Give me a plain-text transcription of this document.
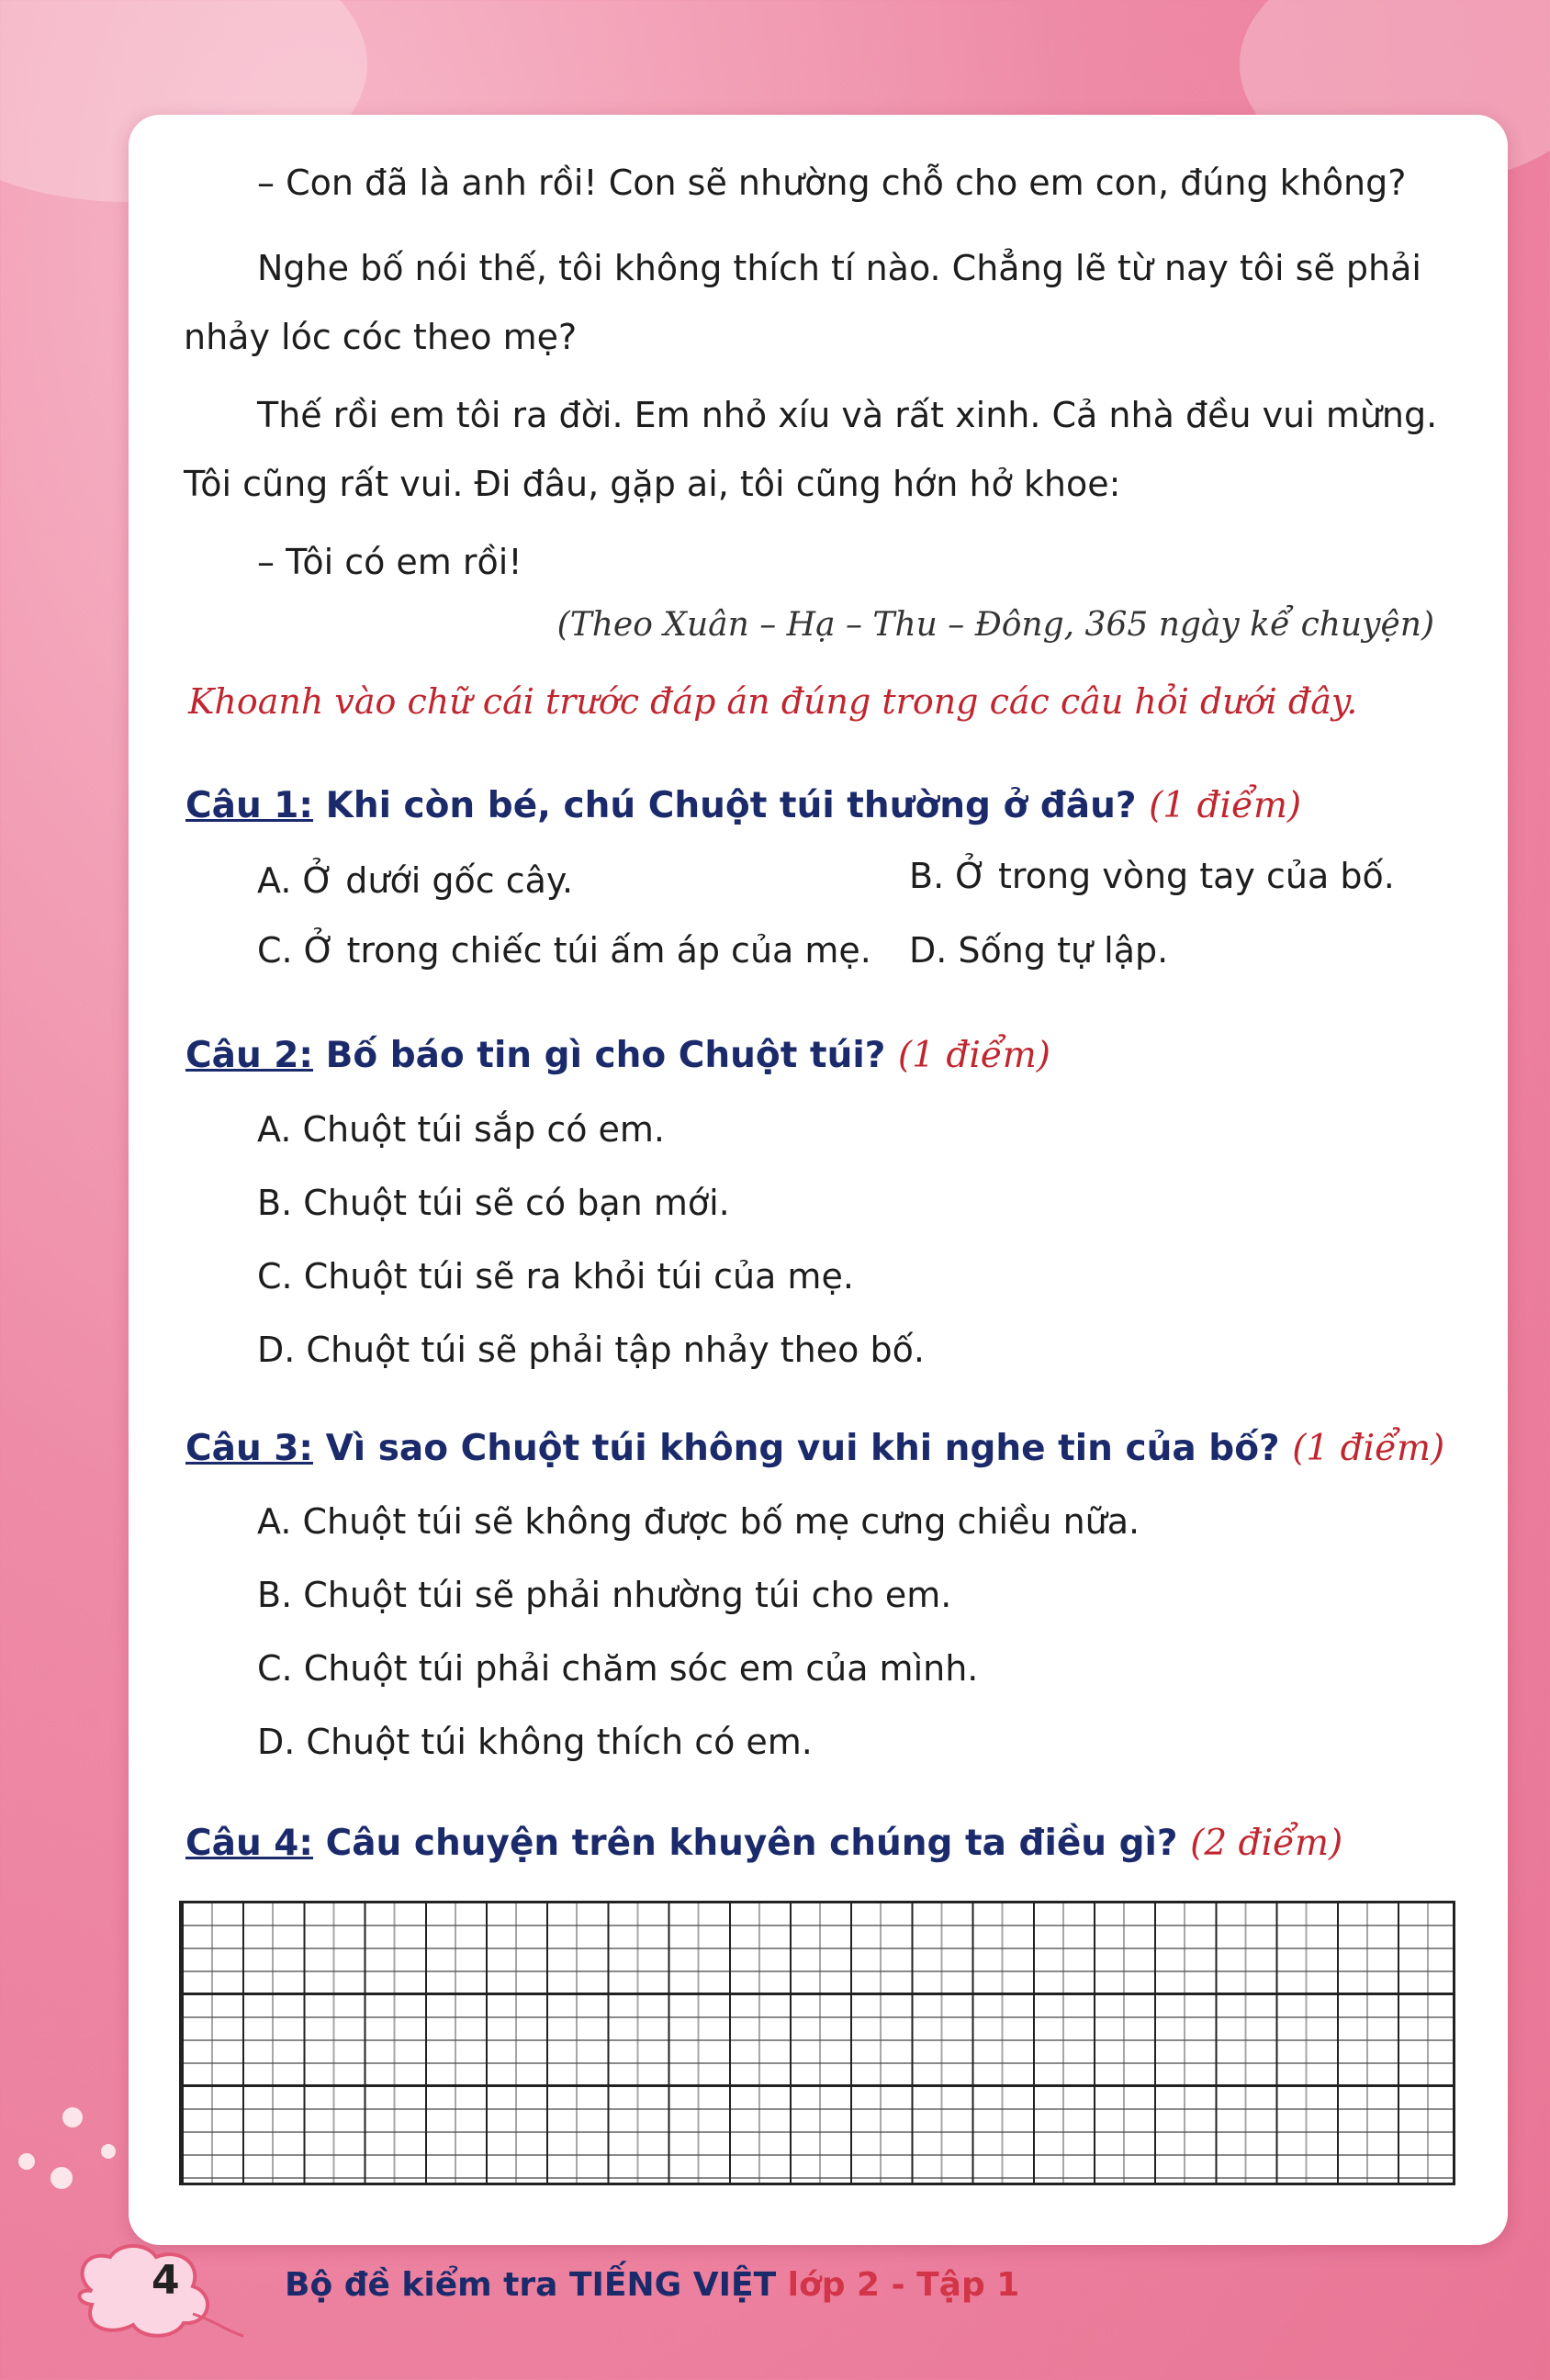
– Con đã là anh rồi! Con sẽ nhường chỗ cho em con, đúng không?

Nghe bố nói thế, tôi không thích tí nào. Chẳng lẽ từ nay tôi sẽ phải nhảy lóc cóc theo mẹ?

Thế rồi em tôi ra đời. Em nhỏ xíu và rất xinh. Cả nhà đều vui mừng. Tôi cũng rất vui. Đi đâu, gặp ai, tôi cũng hớn hở khoe:

– Tôi có em rồi!

(Theo Xuân – Hạ – Thu – Đông, 365 ngày kể chuyện)
Khoanh vào chữ cái trước đáp án đúng trong các câu hỏi dưới đây.

Câu 1: Khi còn bé, chú Chuột túi thường ở đâu? (1 điểm)

A. Ở dưới gốc cây.	B. Ở trong vòng tay của bố.

C. Ở trong chiếc túi ấm áp của mẹ. D. Sống tự lập.

Câu 2: Bố báo tin gì cho Chuột túi? (1 điểm)

A. Chuột túi sắp có em.

B. Chuột túi sẽ có bạn mới.

C. Chuột túi sẽ ra khỏi túi của mẹ.

D. Chuột túi sẽ phải tập nhảy theo bố.

Câu 3: Vì sao Chuột túi không vui khi nghe tin của bố? (1 điểm)

A. Chuột túi sẽ không được bố mẹ cưng chiều nữa.

B. Chuột túi sẽ phải nhường túi cho em.

C. Chuột túi phải chăm sóc em của mình.

D. Chuột túi không thích có em.

Câu 4: Câu chuyện trên khuyên chúng ta điều gì? (2 điểm)

4	Bộ đề kiểm tra TIẾNG VIỆT lớp 2 - Tập 1
